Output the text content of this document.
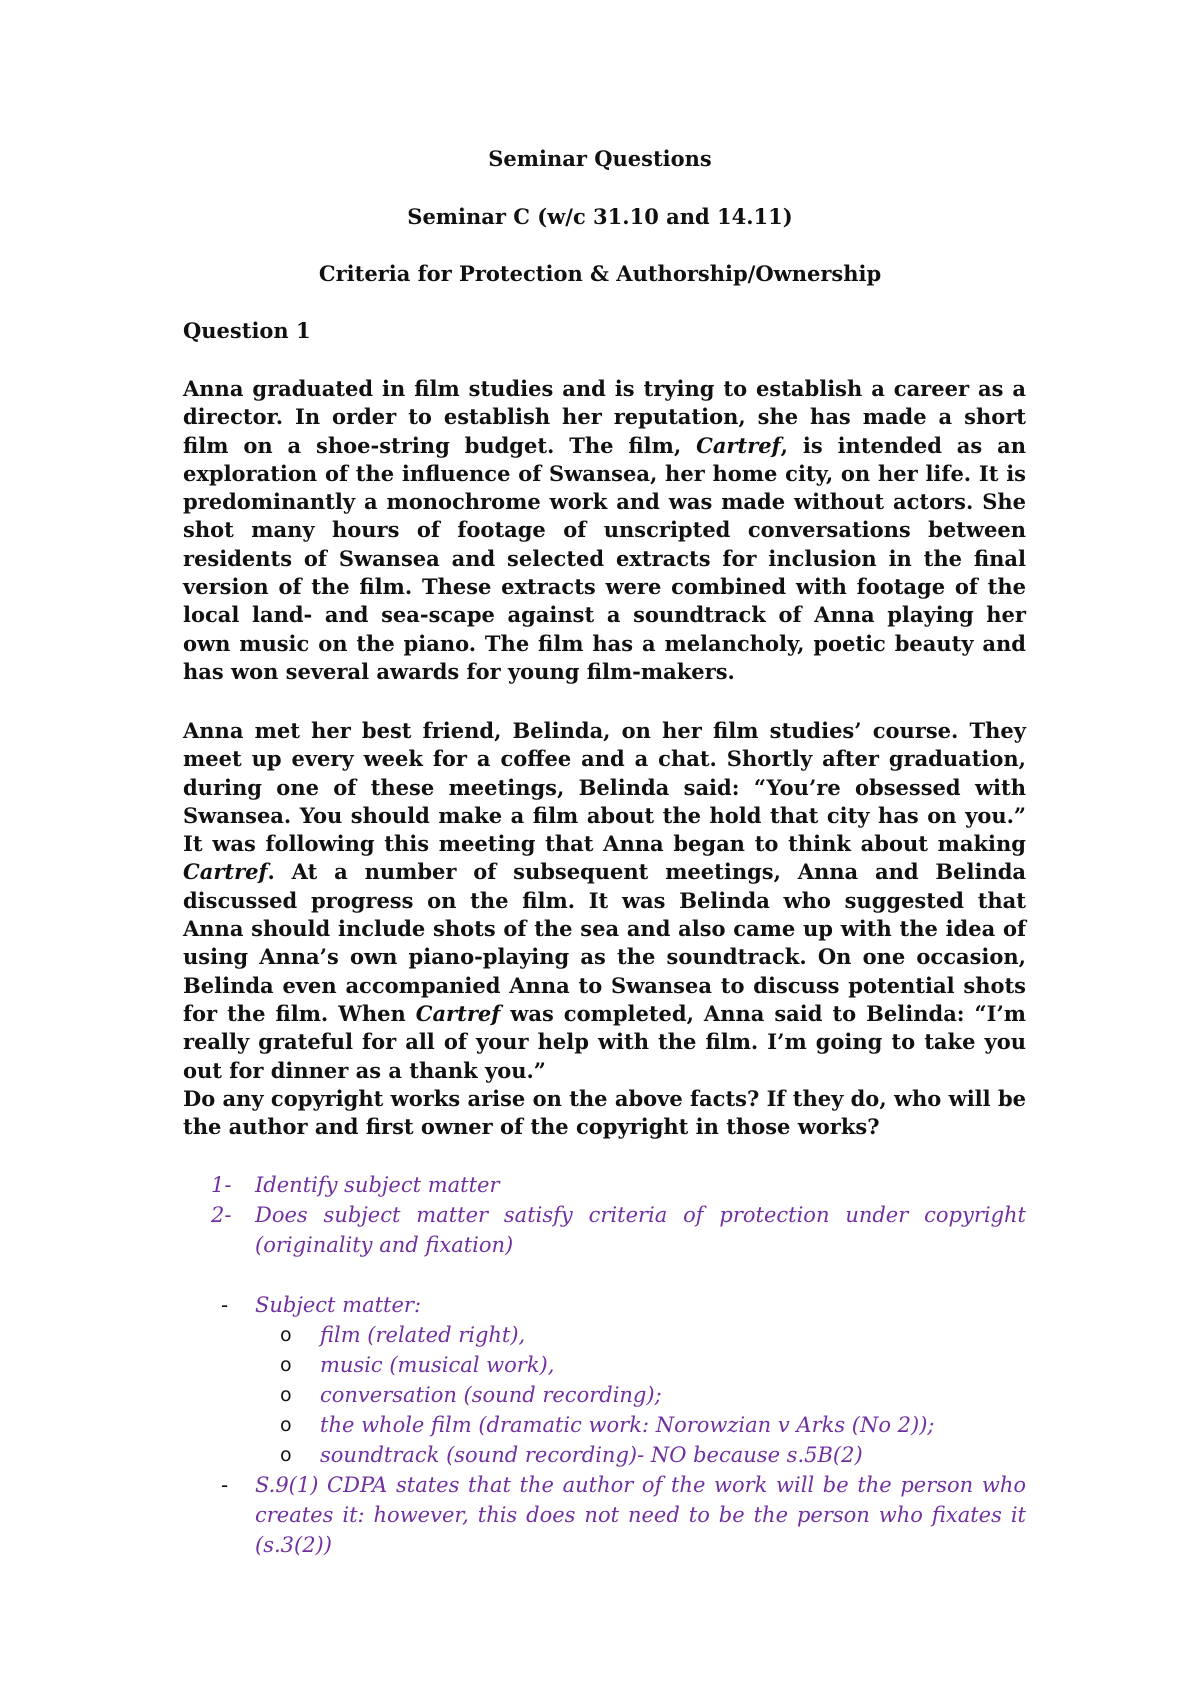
Seminar Questions

Seminar C (w/c 31.10 and 14.11)

Criteria for Protection & Authorship/Ownership

Question 1

Anna graduated in film studies and is trying to establish a career as a director. In order to establish her reputation, she has made a short film on a shoe-string budget. The film, Cartref, is intended as an exploration of the influence of Swansea, her home city, on her life. It is predominantly a monochrome work and was made without actors. She shot many hours of footage of unscripted conversations between residents of Swansea and selected extracts for inclusion in the final version of the film. These extracts were combined with footage of the local land- and sea-scape against a soundtrack of Anna playing her own music on the piano. The film has a melancholy, poetic beauty and has won several awards for young film-makers.

Anna met her best friend, Belinda, on her film studies’ course. They meet up every week for a coffee and a chat. Shortly after graduation, during one of these meetings, Belinda said: “You’re obsessed with Swansea. You should make a film about the hold that city has on you.” It was following this meeting that Anna began to think about making Cartref. At a number of subsequent meetings, Anna and Belinda discussed progress on the film. It was Belinda who suggested that Anna should include shots of the sea and also came up with the idea of using Anna’s own piano-playing as the soundtrack. On one occasion, Belinda even accompanied Anna to Swansea to discuss potential shots for the film. When Cartref was completed, Anna said to Belinda: “I’m really grateful for all of your help with the film. I’m going to take you out for dinner as a thank you.”

Do any copyright works arise on the above facts? If they do, who will be the author and first owner of the copyright in those works?

1- Identify subject matter
2- Does subject matter satisfy criteria of protection under copyright (originality and fixation)
- Subject matter:
o film (related right),
o music (musical work),
o conversation (sound recording);
o the whole film (dramatic work: Norowzian v Arks (No 2));
o soundtrack (sound recording)- NO because s.5B(2)
- S.9(1) CDPA states that the author of the work will be the person who creates it: however, this does not need to be the person who fixates it (s.3(2))
